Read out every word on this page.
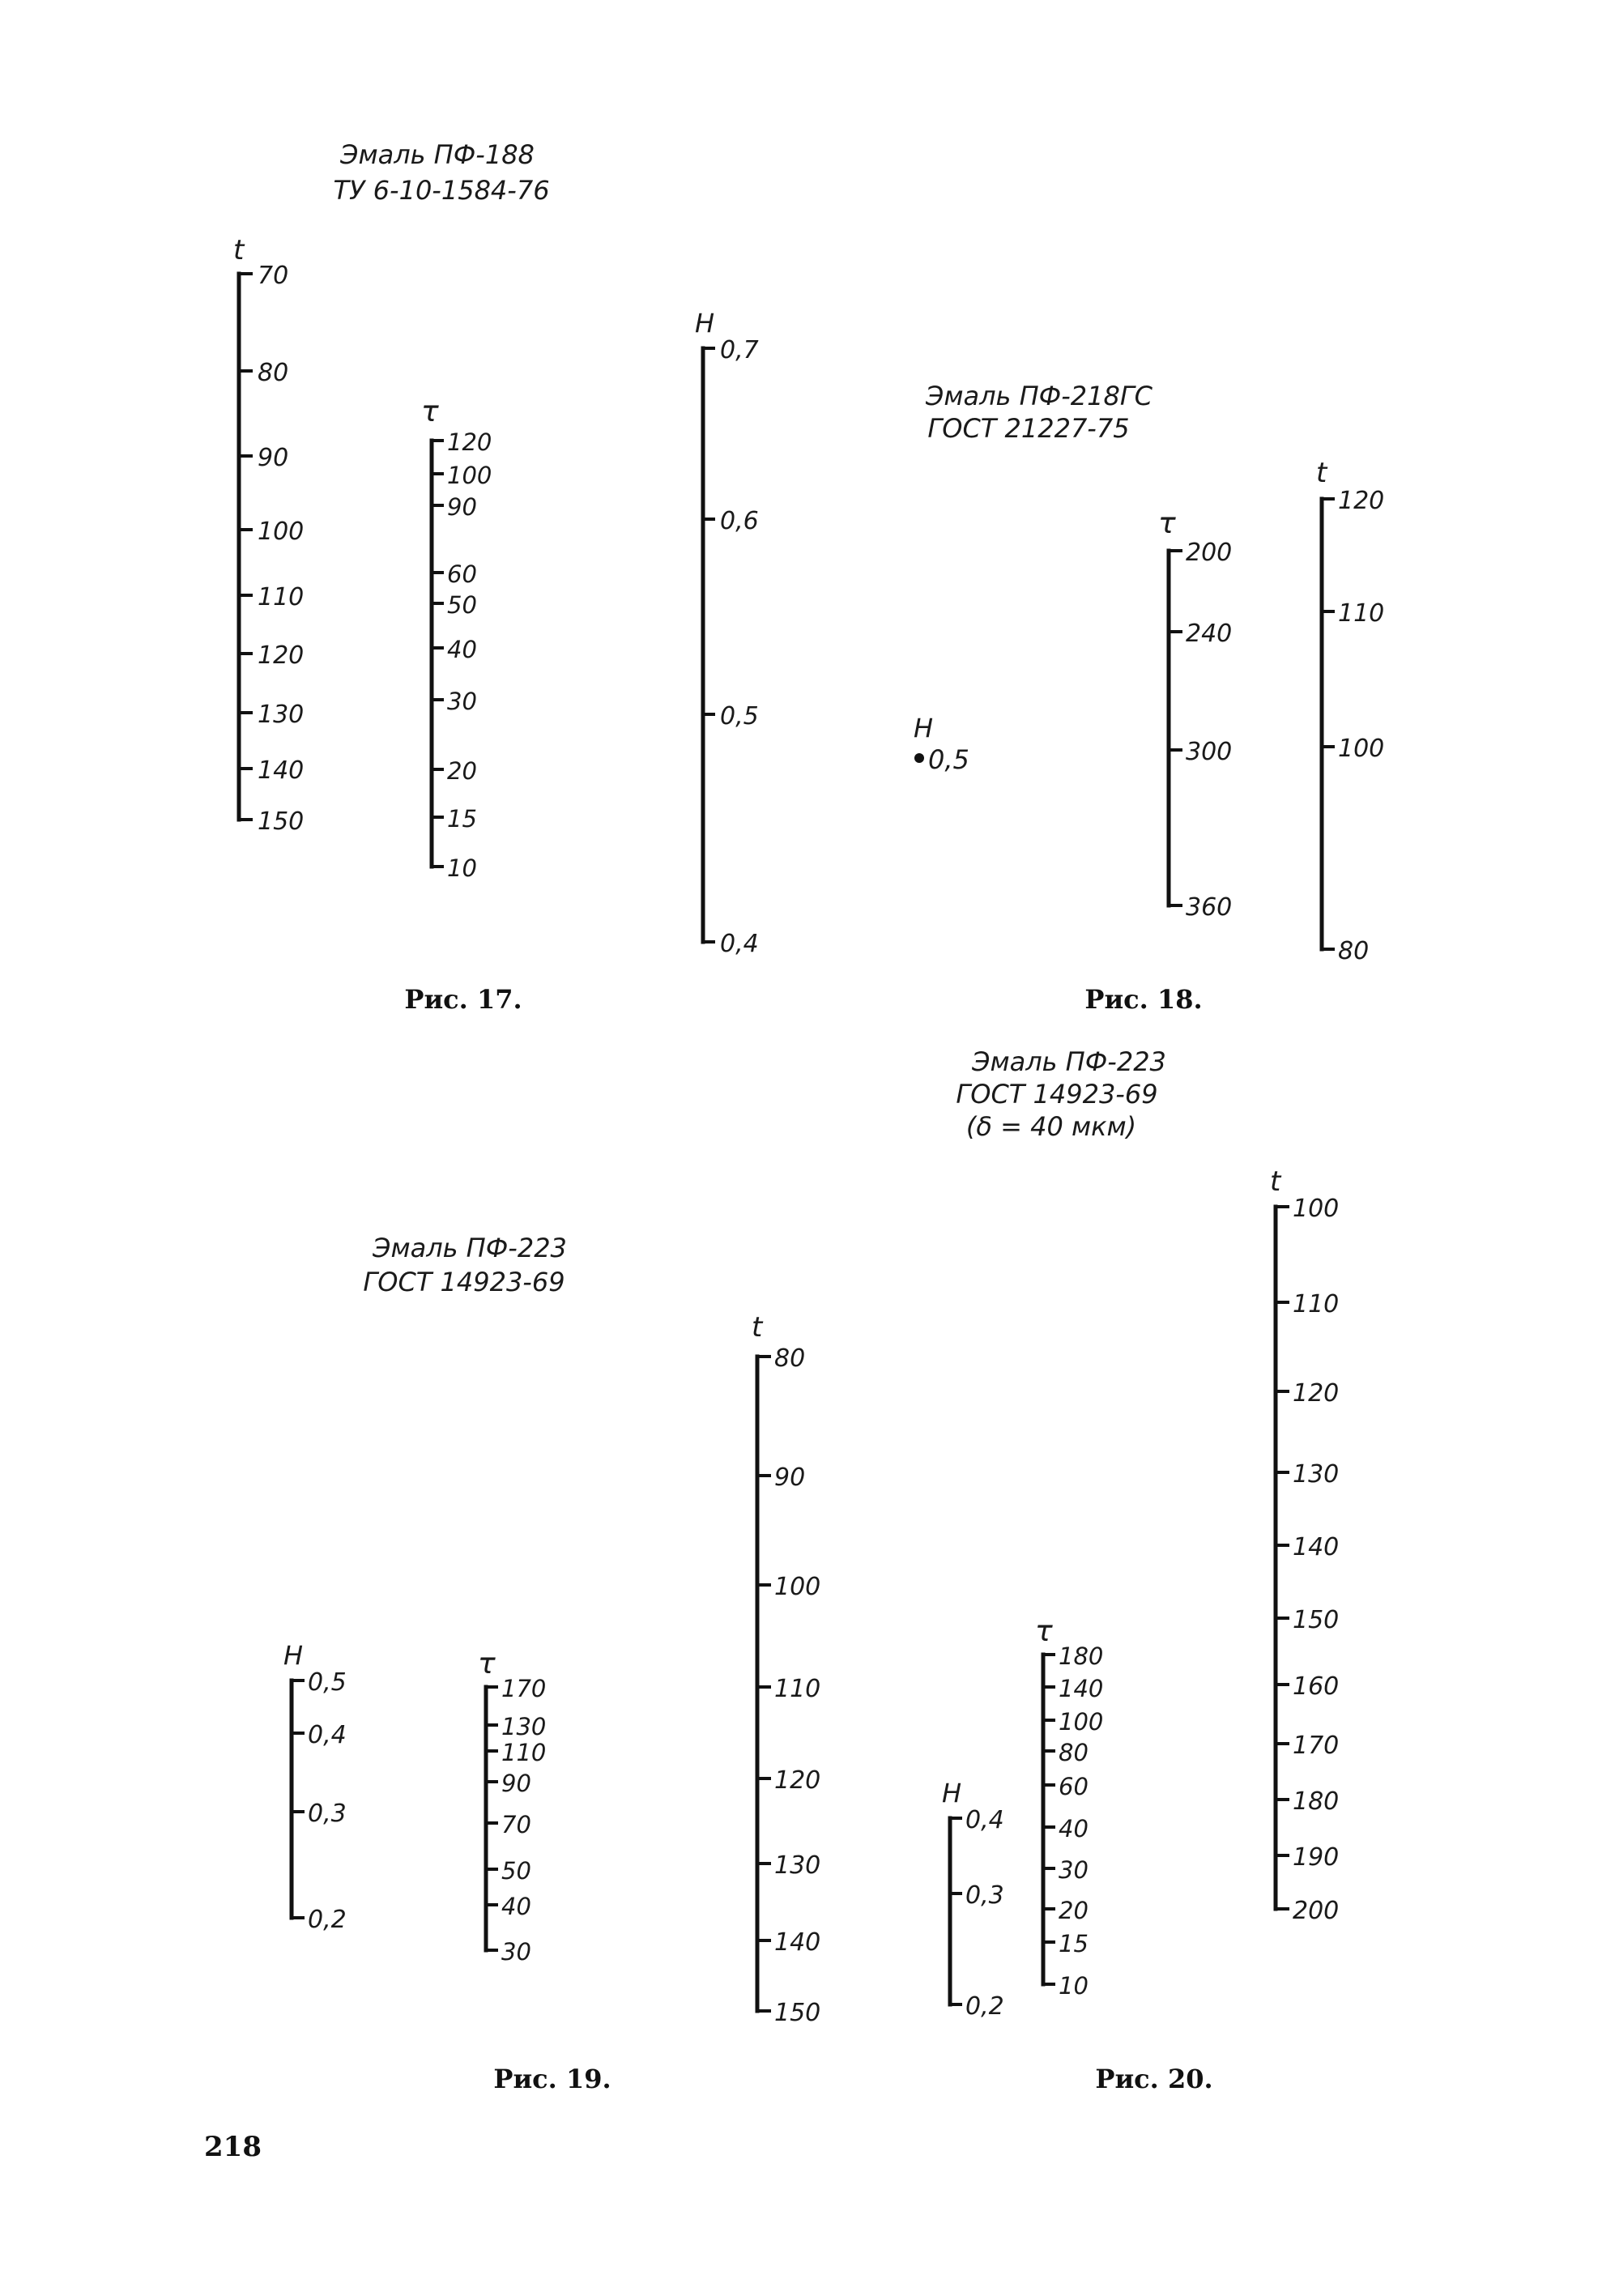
Эмаль ПФ-188
ТУ 6-10-1584-76
t
70
80
90
100
110
120
130
140
150
τ
120
100
90
60
50
40
30
20
15
10
H
0,7
0,6
0,5
0,4
Рис. 17.
Эмаль ПФ-218ГС
ГОСТ 21227-75
H
0,5
τ
200
240
300
360
t
120
110
100
80
Рис. 18.
Эмаль ПФ-223
ГОСТ 14923-69
H
0,5
0,4
0,3
0,2
τ
170
130
110
90
70
50
40
30
t
80
90
100
110
120
130
140
150
Рис. 19.
Эмаль ПФ-223
ГОСТ 14923-69
(δ = 40 мкм)
H
0,4
0,3
0,2
τ
180
140
100
80
60
40
30
20
15
10
t
100
110
120
130
140
150
160
170
180
190
200
Рис. 20.
218
